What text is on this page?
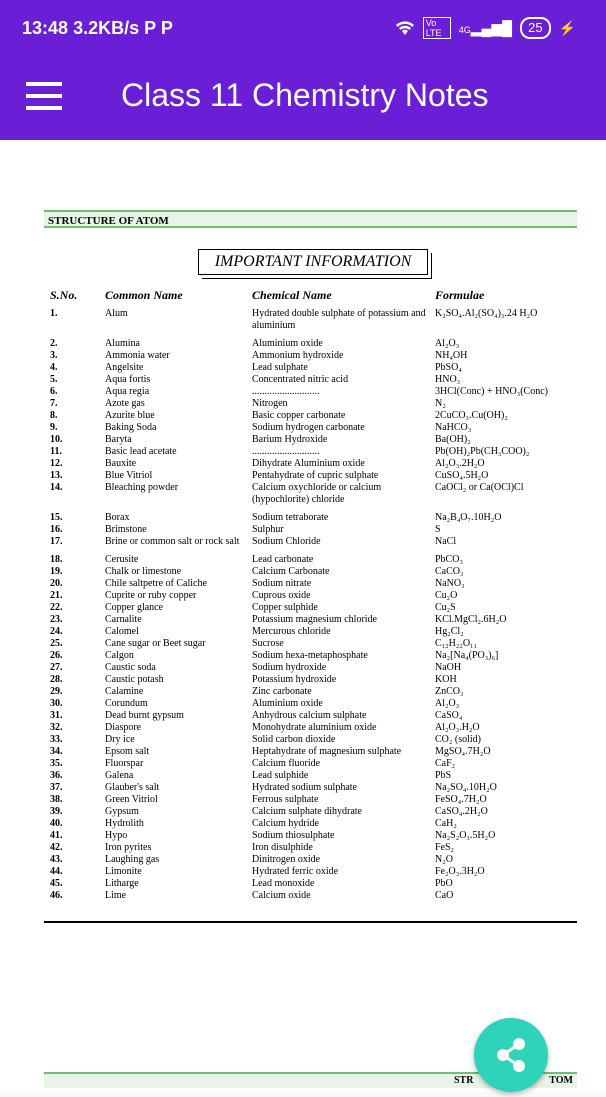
13:48 3.2KB/s P P	Vo LTE	4G▂▄▆█	25	⚡
Class 11 Chemistry Notes
STRUCTURE OF ATOM
IMPORTANT INFORMATION
S.No. Common Name	Chemical Name	Formulae
1.	Alum	Hydrated double sulphate of potassium and aluminium	K₂SO₄.Al₂(SO₄)₃.24 H₂O
2.	Alumina	Aluminium oxide	Al₂O₃
3.	Ammonia water	Ammonium hydroxide	NH₄OH
4.	Angelsite	Lead sulphate	PbSO₄
5.	Aqua fortis	Concentrated nitric acid	HNO₃
6.	Aqua regia	...........................	3HCl(Conc) + HNO₃(Conc)
7.	Azote gas	Nitrogen	N₂
8.	Azurite blue	Basic copper carbonate	2CuCO₃.Cu(OH)₂
9.	Baking Soda	Sodium hydrogen carbonate	NaHCO₃
10.	Baryta	Barium Hydroxide	Ba(OH)₂
11.	Basic lead acetate	...........................	Pb(OH)₂Pb(CH₃COO)₂
12.	Bauxite	Dihydrate Aluminium oxide	Al₂O₃.2H₂O
13.	Blue Vitriol	Pentahydrate of cupric sulphate	CuSO₄.5H₂O
14.	Bleaching powder	Calcium oxychloride or calcium (hypochlorite) chloride	CaOCl₂ or Ca(OCl)Cl
15.	Borax	Sodium tetraborate	Na₂B₄O₇.10H₂O
16.	Brimstone	Sulphur	S
17.	Brine or common salt or rock salt	Sodium Chloride	NaCl
18.	Cerusite	Lead carbonate	PbCO₃
19.	Chalk or limestone	Calcium Carbonate	CaCO₃
20.	Chile saltpetre of Caliche	Sodium nitrate	NaNO₃
21.	Cuprite or ruby copper	Cuprous oxide	Cu₂O
22.	Copper glance	Copper sulphide	Cu₂S
23.	Carnalite	Potassium magnesium chloride	KCl.MgCl₂.6H₂O
24.	Calomel	Mercurous chloride	Hg₂Cl₂
25.	Cane sugar or Beet sugar	Sucrose	C₁₂H₂₂O₁₁
26.	Calgon	Sodium hexa-metaphosphate	Na₂[Na₄(PO₃)₆]
27.	Caustic soda	Sodium hydroxide	NaOH
28.	Caustic potash	Potassium hydroxide	KOH
29.	Calamine	Zinc carbonate	ZnCO₃
30.	Corundum	Aluminium oxide	Al₂O₃
31.	Dead burnt gypsum	Anhydrous calcium sulphate	CaSO₄
32.	Diaspore	Monohydrate aluminium oxide	Al₂O₃.H₂O
33.	Dry ice	Solid carbon dioxide	CO₂ (solid)
34.	Epsom salt	Heptahydrate of magnesium sulphate	MgSO₄.7H₂O
35.	Fluorspar	Calcium fluoride	CaF₂
36.	Galena	Lead sulphide	PbS
37.	Glauber's salt	Hydrated sodium sulphate	Na₂SO₄.10H₂O
38.	Green Vitriol	Ferrous sulphate	FeSO₄.7H₂O
39.	Gypsum	Calcium sulphate dihydrate	CaSO₄.2H₂O
40.	Hydrolith	Calcium hydride	CaH₂
41.	Hypo	Sodium thiosulphate	Na₂S₂O₃.5H₂O
42.	Iron pyrites	Iron disulphide	FeS₂
43.	Laughing gas	Dinitrogen oxide	N₂O
44.	Limonite	Hydrated ferric oxide	Fe₂O₃.3H₂O
45.	Litharge	Lead monoxide	PbO
46.	Lime	Calcium oxide	CaO
STR	TOM
